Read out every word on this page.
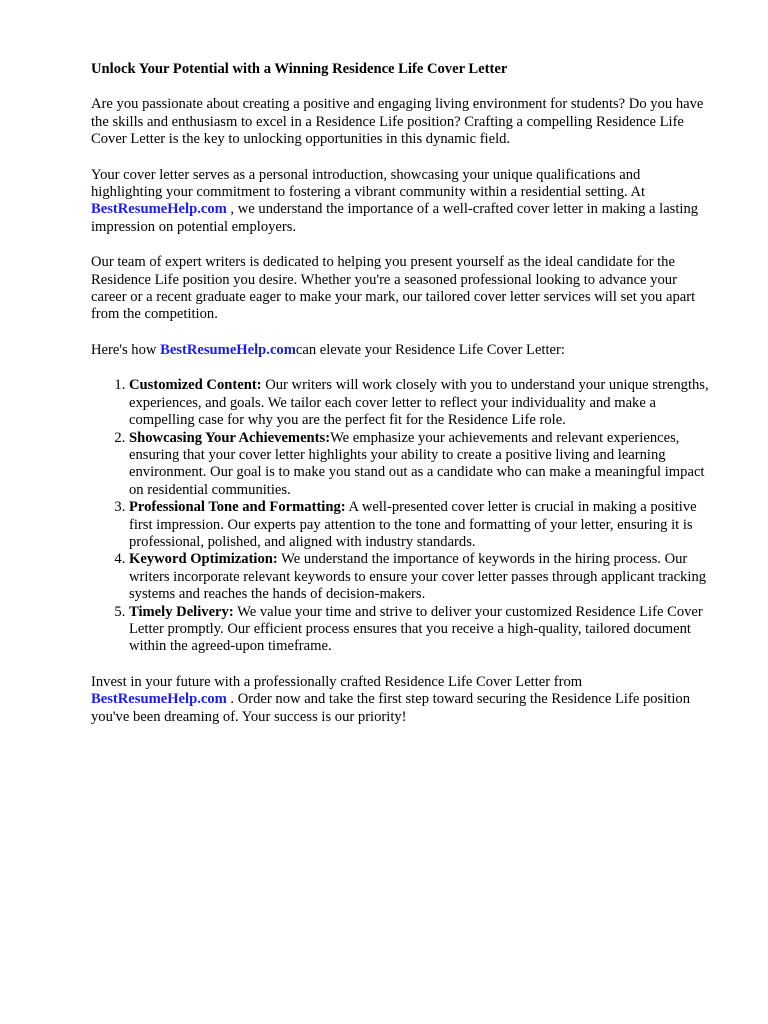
Unlock Your Potential with a Winning Residence Life Cover Letter

Are you passionate about creating a positive and engaging living environment for students? Do you have the skills and enthusiasm to excel in a Residence Life position? Crafting a compelling Residence Life Cover Letter is the key to unlocking opportunities in this dynamic field.

Your cover letter serves as a personal introduction, showcasing your unique qualifications and highlighting your commitment to fostering a vibrant community within a residential setting. At
BestResumeHelp.com , we understand the importance of a well-crafted cover letter in making a lasting impression on potential employers.

Our team of expert writers is dedicated to helping you present yourself as the ideal candidate for the Residence Life position you desire. Whether you're a seasoned professional looking to advance your career or a recent graduate eager to make your mark, our tailored cover letter services will set you apart from the competition.

Here's how BestResumeHelp.comcan elevate your Residence Life Cover Letter:

1. Customized Content: Our writers will work closely with you to understand your unique strengths, experiences, and goals. We tailor each cover letter to reflect your individuality and make a compelling case for why you are the perfect fit for the Residence Life role.
2. Showcasing Your Achievements:We emphasize your achievements and relevant experiences, ensuring that your cover letter highlights your ability to create a positive living and learning environment. Our goal is to make you stand out as a candidate who can make a meaningful impact on residential communities.
3. Professional Tone and Formatting: A well-presented cover letter is crucial in making a positive first impression. Our experts pay attention to the tone and formatting of your letter, ensuring it is professional, polished, and aligned with industry standards.
4. Keyword Optimization: We understand the importance of keywords in the hiring process. Our writers incorporate relevant keywords to ensure your cover letter passes through applicant tracking systems and reaches the hands of decision-makers.
5. Timely Delivery: We value your time and strive to deliver your customized Residence Life Cover Letter promptly. Our efficient process ensures that you receive a high-quality, tailored document within the agreed-upon timeframe.

Invest in your future with a professionally crafted Residence Life Cover Letter from
BestResumeHelp.com . Order now and take the first step toward securing the Residence Life position you've been dreaming of. Your success is our priority!
